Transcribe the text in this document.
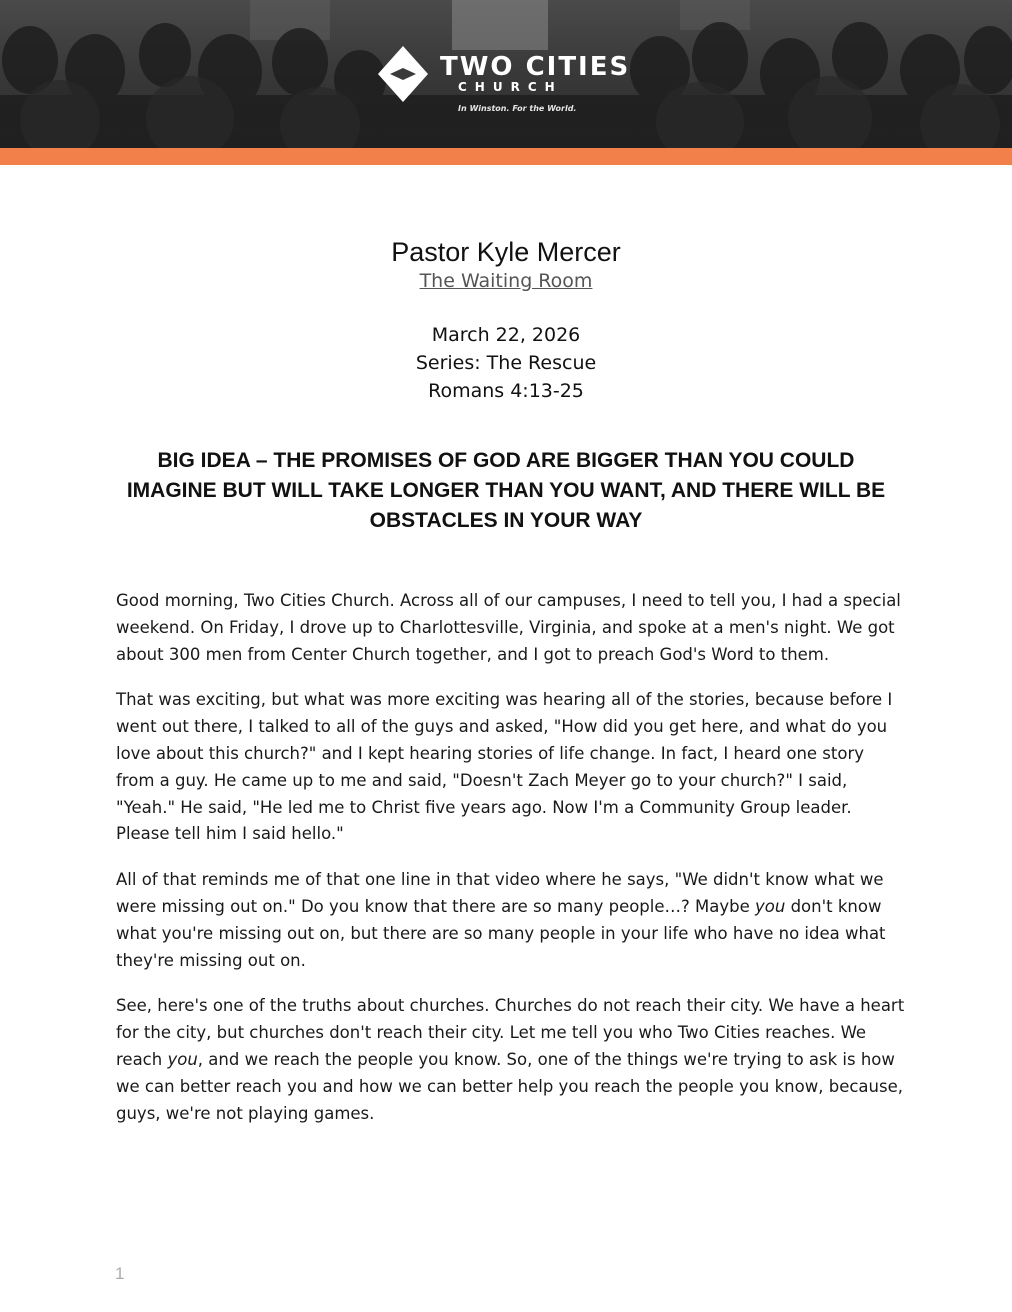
TWO CITIES
CHURCH
In Winston. For the World.
Pastor Kyle Mercer
The Waiting Room
March 22, 2026
Series: The Rescue
Romans 4:13-25
BIG IDEA – THE PROMISES OF GOD ARE BIGGER THAN YOU COULD IMAGINE BUT WILL TAKE LONGER THAN YOU WANT, AND THERE WILL BE OBSTACLES IN YOUR WAY

Good morning, Two Cities Church. Across all of our campuses, I need to tell you, I had a special weekend. On Friday, I drove up to Charlottesville, Virginia, and spoke at a men's night. We got about 300 men from Center Church together, and I got to preach God's Word to them.

That was exciting, but what was more exciting was hearing all of the stories, because before I went out there, I talked to all of the guys and asked, "How did you get here, and what do you love about this church?" and I kept hearing stories of life change. In fact, I heard one story from a guy. He came up to me and said, "Doesn't Zach Meyer go to your church?" I said, "Yeah." He said, "He led me to Christ five years ago. Now I'm a Community Group leader. Please tell him I said hello."

All of that reminds me of that one line in that video where he says, "We didn't know what we were missing out on." Do you know that there are so many people…? Maybe you don't know what you're missing out on, but there are so many people in your life who have no idea what they're missing out on.

See, here's one of the truths about churches. Churches do not reach their city. We have a heart for the city, but churches don't reach their city. Let me tell you who Two Cities reaches. We reach you, and we reach the people you know. So, one of the things we're trying to ask is how we can better reach you and how we can better help you reach the people you know, because, guys, we're not playing games.

1
